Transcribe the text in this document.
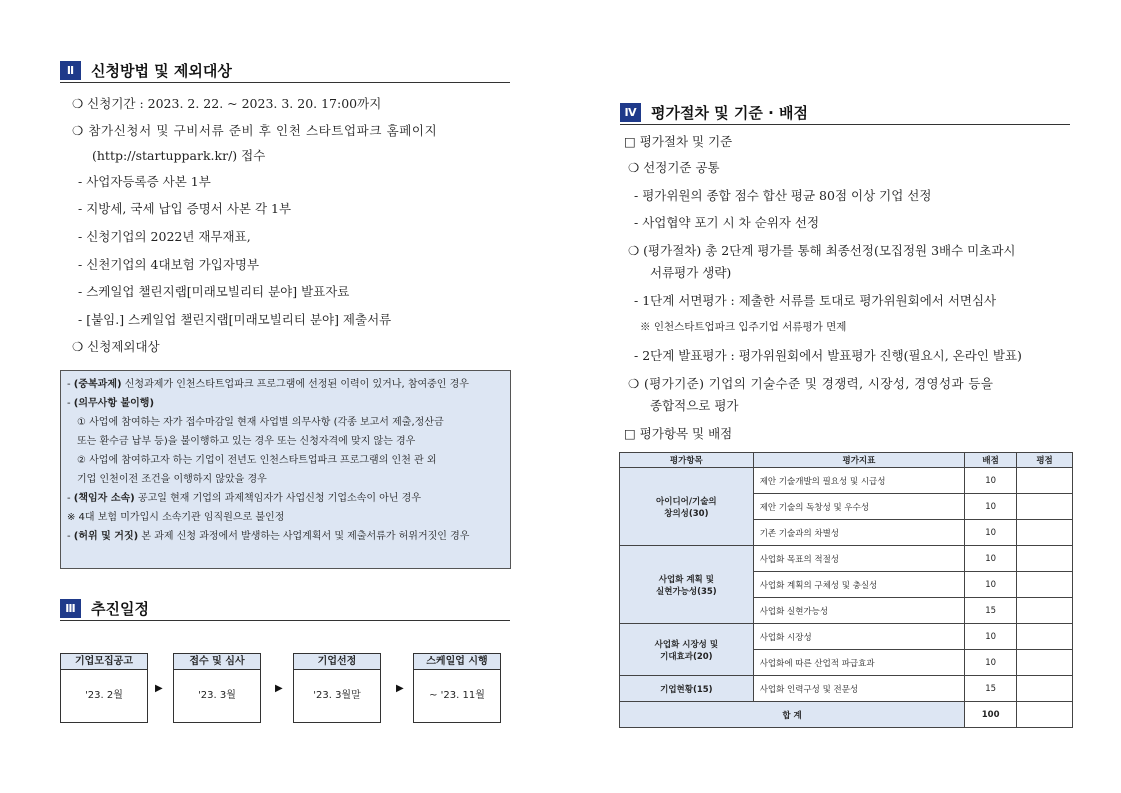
Ⅱ	신청방법 및 제외대상
❍ 신청기간 : 2023. 2. 22. ~ 2023. 3. 20. 17:00까지
❍ 참가신청서 및 구비서류 준비 후 인천 스타트업파크 홈페이지
(http://startuppark.kr/) 접수
- 사업자등록증 사본 1부
- 지방세, 국세 납입 증명서 사본 각 1부
- 신청기업의 2022년 재무재표,
- 신천기업의 4대보험 가입자명부
- 스케일업 챌린지랩[미래모빌리티 분야] 발표자료
- [붙임.] 스케일업 챌린지랩[미래모빌리티 분야] 제출서류
❍ 신청제외대상
- (중복과제) 신청과제가 인천스타트업파크 프로그램에 선정된 이력이 있거나, 참여중인 경우
- (의무사항 불이행)
① 사업에 참여하는 자가 접수마감일 현재 사업별 의무사항 (각종 보고서 제출,정산금
또는 환수금 납부 등)을 불이행하고 있는 경우 또는 신청자격에 맞지 않는 경우
② 사업에 참여하고자 하는 기업이 전년도 인천스타트업파크 프로그램의 인천 관 외
기업 인천이전 조건을 이행하지 않았을 경우
- (책임자 소속) 공고일 현재 기업의 과제책임자가 사업신청 기업소속이 아닌 경우
※ 4대 보험 미가입시 소속기관 임직원으로 불인정
- (허위 및 거짓) 본 과제 신청 과정에서 발생하는 사업계획서 및 제출서류가 허위거짓인 경우
Ⅲ	추진일정
기업모집공고
'23. 2월
▶
접수 및 심사
'23. 3월
▶
기업선정
'23. 3월말
▶
스케일업 시행
~ '23. 11월
Ⅳ 평가절차 및 기준 · 배점
□ 평가절차 및 기준
❍ 선정기준 공통
- 평가위원의 종합 점수 합산 평균 80점 이상 기업 선정
- 사업협약 포기 시 차 순위자 선정
❍ (평가절차) 총 2단계 평가를 통해 최종선정(모집정원 3배수 미초과시
서류평가 생략)
- 1단계 서면평가 : 제출한 서류를 토대로 평가위원회에서 서면심사
※ 인천스타트업파크 입주기업 서류평가 면제
- 2단계 발표평가 : 평가위원회에서 발표평가 진행(필요시, 온라인 발표)
❍ (평가기준) 기업의 기술수준 및 경쟁력, 시장성, 경영성과 등을
종합적으로 평가
□ 평가항목 및 배점
평가항목	평가지표	배점	평점
아이디어/기술의
창의성(30)	제안 기술개발의 필요성 및 시급성	10	
	제안 기술의 독창성 및 우수성	10	
	기존 기술과의 차별성	10	
사업화 계획 및
실현가능성(35)	사업화 목표의 적절성	10	
	사업화 계획의 구체성 및 충실성	10	
	사업화 실현가능성	15	
사업화 시장성 및
기대효과(20)	사업화 시장성	10	
	사업화에 따른 산업적 파급효과	10	
기업현황(15)	사업화 인력구성 및 전문성	15	
합 계		100	
